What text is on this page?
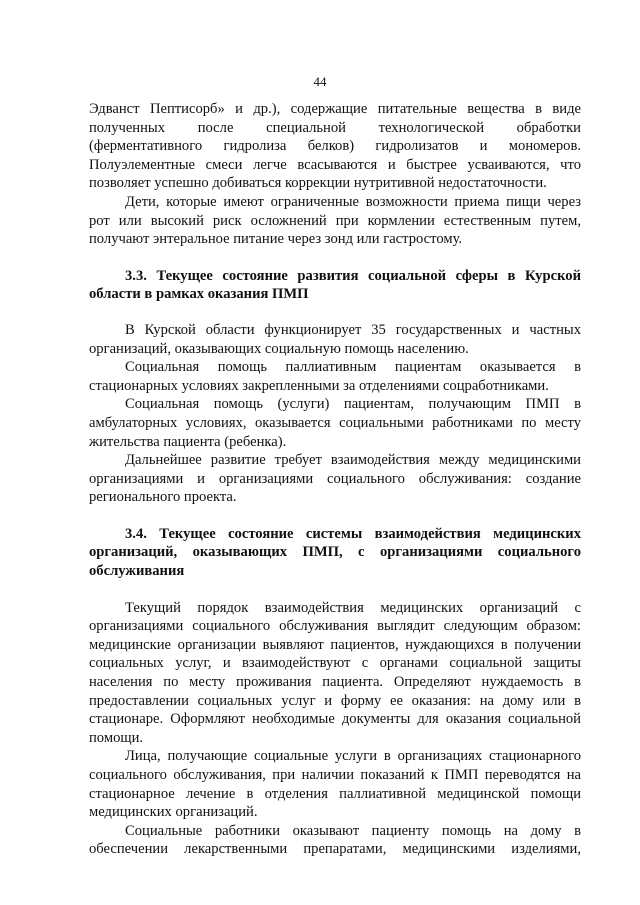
44

Эдванст Пептисорб» и др.), содержащие питательные вещества в виде

полученных после специальной технологической обработки

(ферментативного гидролиза белков) гидролизатов и мономеров.

Полуэлементные смеси легче всасываются и быстрее усваиваются, что

позволяет успешно добиваться коррекции нутритивной недостаточности.

Дети, которые имеют ограниченные возможности приема пищи через

рот или высокий риск осложнений при кормлении естественным путем,

получают энтеральное питание через зонд или гастростому.

3.3. Текущее состояние развития социальной сферы в Курской

области в рамках оказания ПМП

В Курской области функционирует 35 государственных и частных

организаций, оказывающих социальную помощь населению.

Социальная помощь паллиативным пациентам оказывается в

стационарных условиях закрепленными за отделениями соцработниками.

Социальная помощь (услуги) пациентам, получающим ПМП в

амбулаторных условиях, оказывается социальными работниками по месту

жительства пациента (ребенка).

Дальнейшее развитие требует взаимодействия между медицинскими

организациями и организациями социального обслуживания: создание

регионального проекта.

3.4. Текущее состояние системы взаимодействия медицинских

организаций, оказывающих ПМП, с организациями социального

обслуживания

Текущий порядок взаимодействия медицинских организаций с

организациями социального обслуживания выглядит следующим образом:

медицинские организации выявляют пациентов, нуждающихся в получении

социальных услуг, и взаимодействуют с органами социальной защиты

населения по месту проживания пациента. Определяют нуждаемость в

предоставлении социальных услуг и форму ее оказания: на дому или в

стационаре. Оформляют необходимые документы для оказания социальной

помощи.

Лица, получающие социальные услуги в организациях стационарного

социального обслуживания, при наличии показаний к ПМП переводятся на

стационарное лечение в отделения паллиативной медицинской помощи

медицинских организаций.

Социальные работники оказывают пациенту помощь на дому в

обеспечении лекарственными препаратами, медицинскими изделиями,
